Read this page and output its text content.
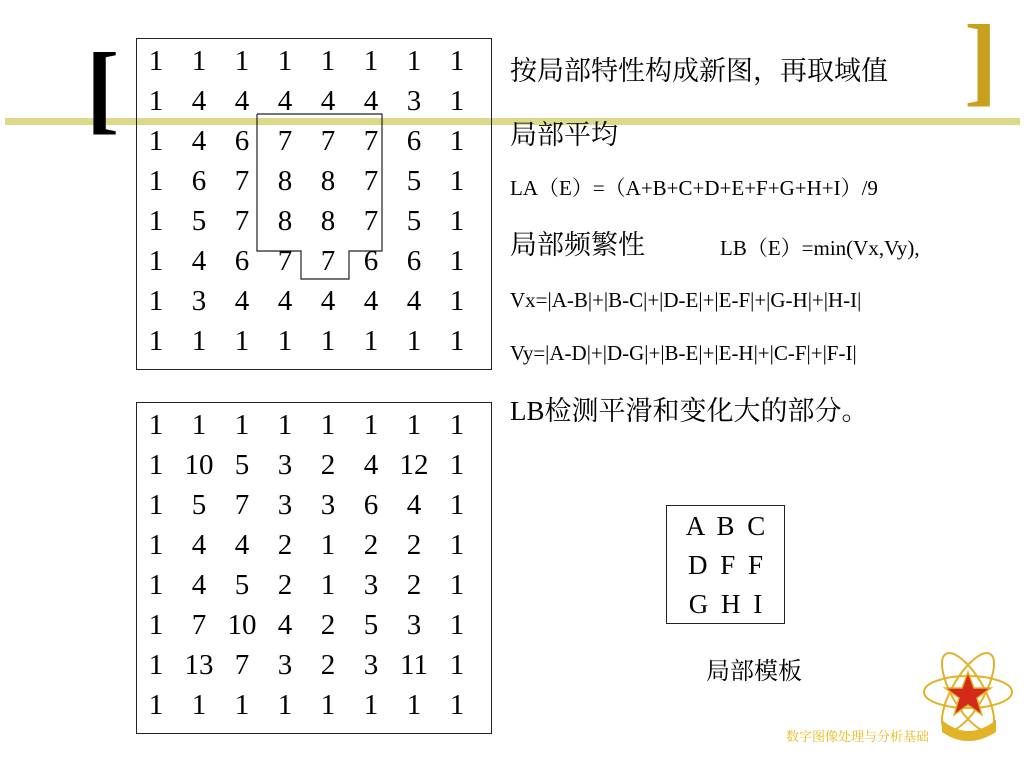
[	]
1 1 1 1 1 1 1 1
1 4 4 4 4 4 3 1
1 4 6 7 7 7 6 1
1 6 7 8 8 7 5 1
1 5 7 8 8 7 5 1
1 4 6 7 7 6 6 1
1 3 4 4 4 4 4 1
1 1 1 1 1 1 1 1
1 1 1 1 1 1 1 1
1 10 5 3 2 4 12 1
1 5 7 3 3 6 4 1
1 4 4 2 1 2 2 1
1 4 5 2 1 3 2 1
1 7 10 4 2 5 3 1
1 13 7 3 2 3 11 1
1 1 1 1 1 1 1 1
按局部特性构成新图，再取域值
局部平均
LA（E）=（A+B+C+D+E+F+G+H+I）/9
局部频繁性	LB（E）=min(Vx,Vy),
Vx=|A-B|+|B-C|+|D-E|+|E-F|+|G-H|+|H-I|
Vy=|A-D|+|D-G|+|B-E|+|E-H|+|C-F|+|F-I|
LB检测平滑和变化大的部分。
A B C
D F F
G H I
局部模板
数字图像处理与分析基础
